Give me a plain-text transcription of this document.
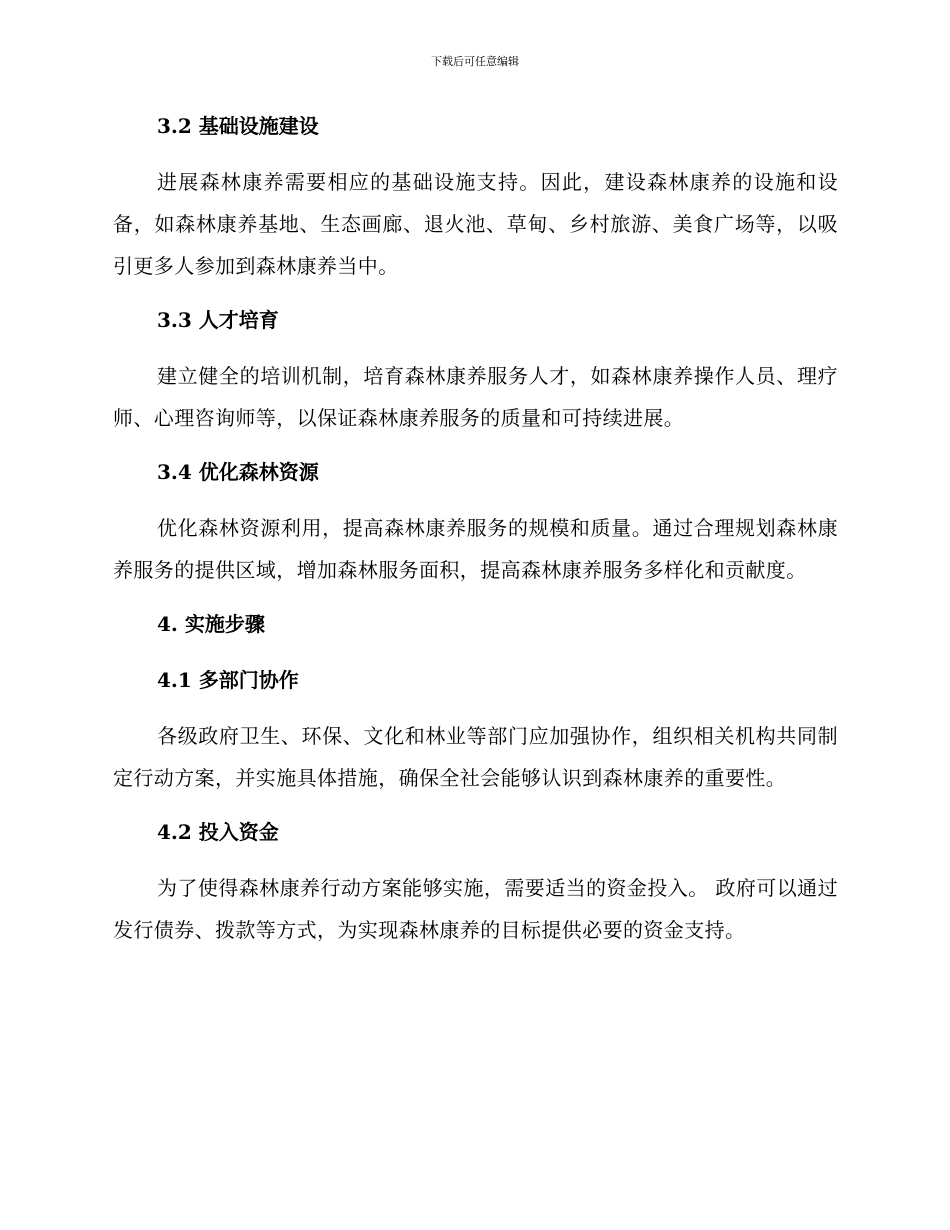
下载后可任意编辑
3.2 基础设施建设

进展森林康养需要相应的基础设施支持。因此，建设森林康养的设施和设备，如森林康养基地、生态画廊、退火池、草甸、乡村旅游、美食广场等，以吸引更多人参加到森林康养当中。

3.3 人才培育

建立健全的培训机制，培育森林康养服务人才，如森林康养操作人员、理疗师、心理咨询师等，以保证森林康养服务的质量和可持续进展。

3.4 优化森林资源

优化森林资源利用，提高森林康养服务的规模和质量。通过合理规划森林康养服务的提供区域，增加森林服务面积，提高森林康养服务多样化和贡献度。

4. 实施步骤
4.1 多部门协作

各级政府卫生、环保、文化和林业等部门应加强协作，组织相关机构共同制定行动方案，并实施具体措施，确保全社会能够认识到森林康养的重要性。

4.2 投入资金

为了使得森林康养行动方案能够实施，需要适当的资金投入。 政府可以通过发行债券、拨款等方式，为实现森林康养的目标提供必要的资金支持。
